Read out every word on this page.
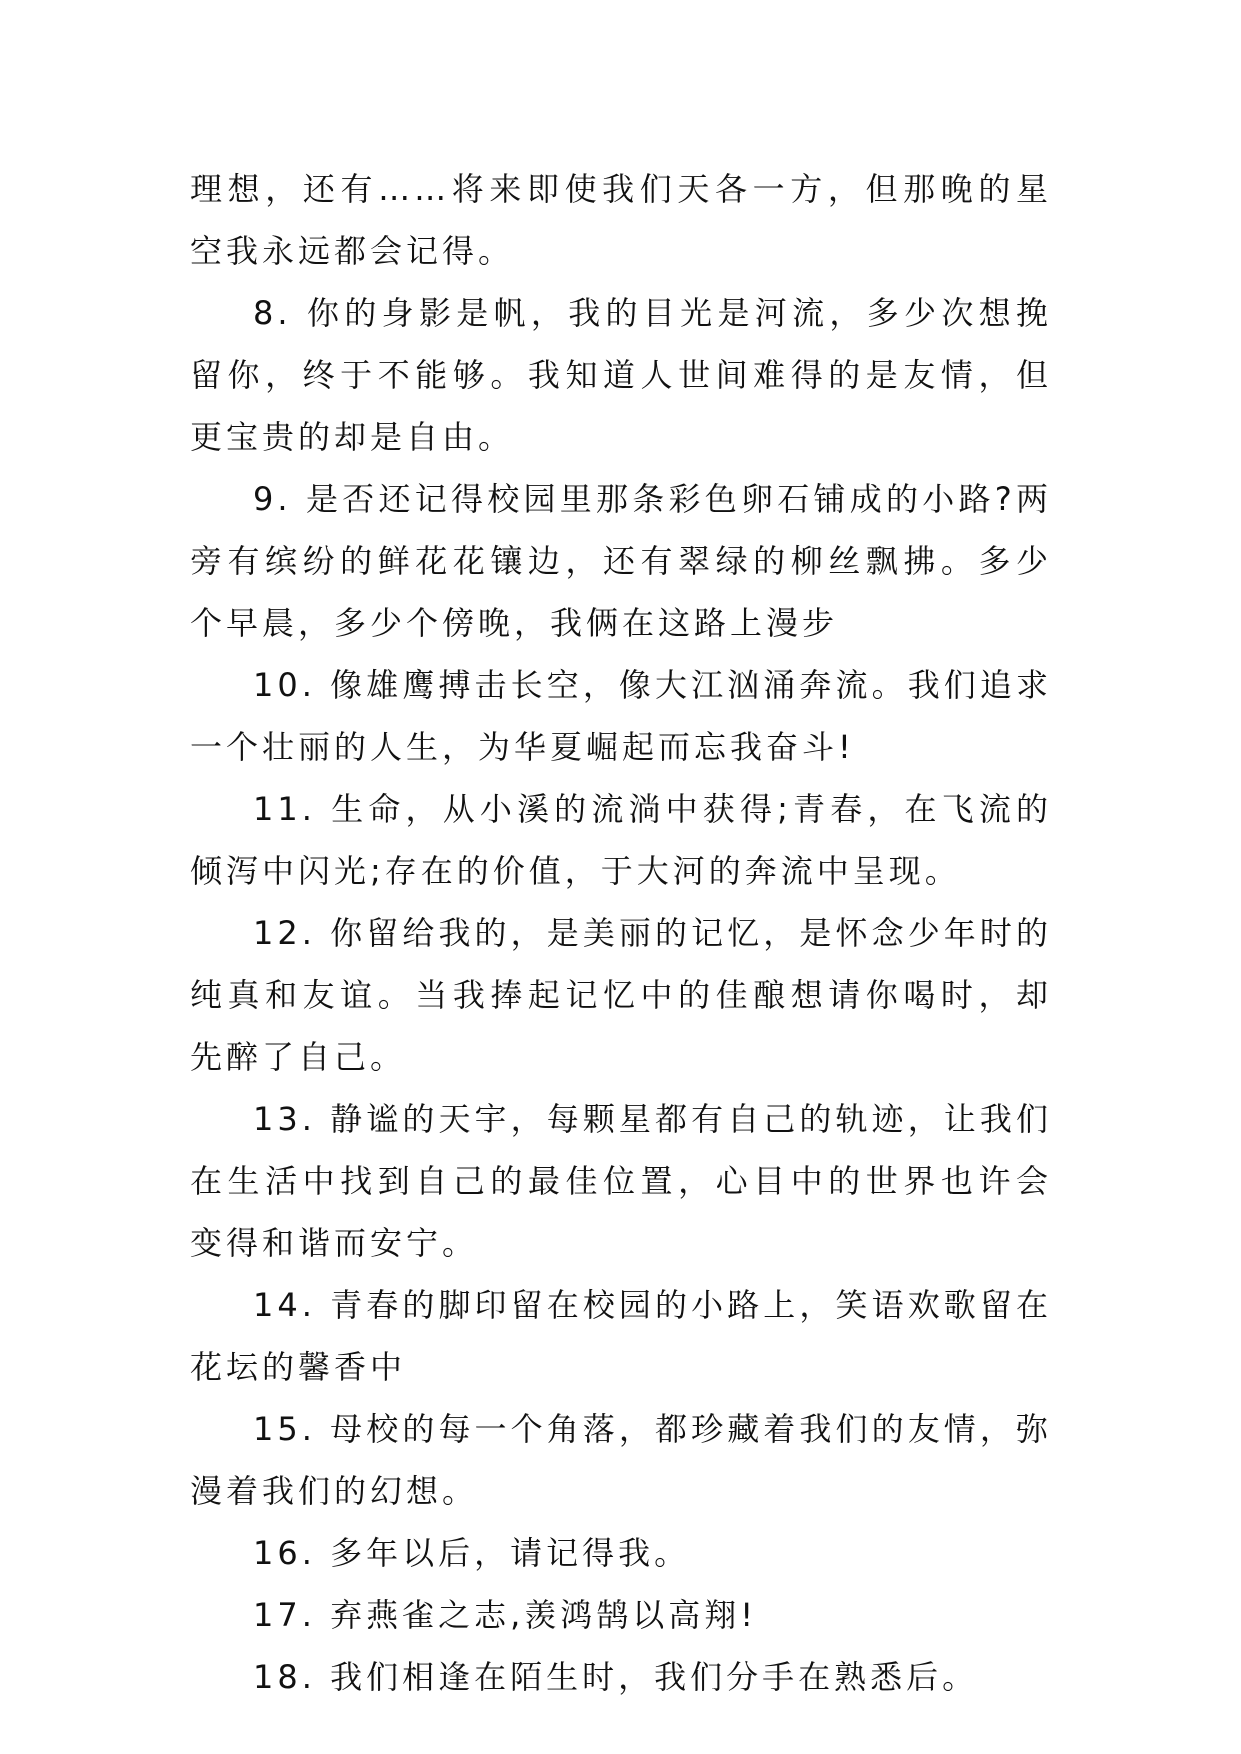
理想，还有……将来即使我们天各一方，但那晚的星空我永远都会记得。

8. 你的身影是帆，我的目光是河流，多少次想挽留你，终于不能够。我知道人世间难得的是友情，但更宝贵的却是自由。

9. 是否还记得校园里那条彩色卵石铺成的小路?两旁有缤纷的鲜花花镶边，还有翠绿的柳丝飘拂。多少个早晨，多少个傍晚，我俩在这路上漫步

10. 像雄鹰搏击长空，像大江汹涌奔流。我们追求一个壮丽的人生，为华夏崛起而忘我奋斗!

11. 生命，从小溪的流淌中获得;青春，在飞流的倾泻中闪光;存在的价值，于大河的奔流中呈现。

12. 你留给我的，是美丽的记忆，是怀念少年时的纯真和友谊。当我捧起记忆中的佳酿想请你喝时，却先醉了自己。

13. 静谧的天宇，每颗星都有自己的轨迹，让我们在生活中找到自己的最佳位置，心目中的世界也许会变得和谐而安宁。

14. 青春的脚印留在校园的小路上，笑语欢歌留在花坛的馨香中

15. 母校的每一个角落，都珍藏着我们的友情，弥漫着我们的幻想。

16. 多年以后，请记得我。

17. 弃燕雀之志,羡鸿鹄以高翔!

18. 我们相逢在陌生时，我们分手在熟悉后。
